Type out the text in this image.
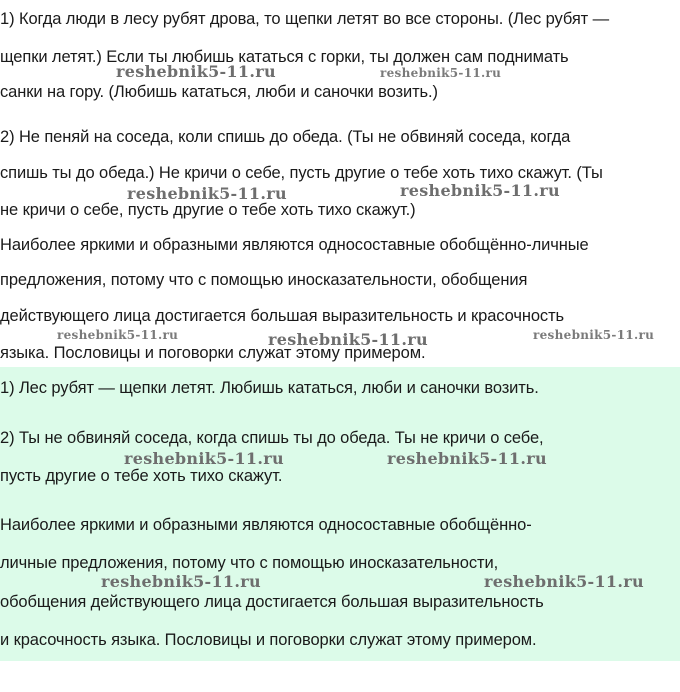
1) Когда люди в лесу рубят дрова, то щепки летят во все стороны. (Лес рубят —
щепки летят.) Если ты любишь кататься с горки, ты должен сам поднимать
санки на гору. (Любишь кататься, люби и саночки возить.)
2) Не пеняй на соседа, коли спишь до обеда. (Ты не обвиняй соседа, когда
спишь ты до обеда.) Не кричи о себе, пусть другие о тебе хоть тихо скажут. (Ты
не кричи о себе, пусть другие о тебе хоть тихо скажут.)
Наиболее яркими и образными являются односоставные обобщённо-личные
предложения, потому что с помощью иносказательности, обобщения
действующего лица достигается большая выразительность и красочность
языка. Пословицы и поговорки служат этому примером.
1) Лес рубят — щепки летят. Любишь кататься, люби и саночки возить.
2) Ты не обвиняй соседа, когда спишь ты до обеда. Ты не кричи о себе,
пусть другие о тебе хоть тихо скажут.
Наиболее яркими и образными являются односоставные обобщённо-
личные предложения, потому что с помощью иносказательности,
обобщения действующего лица достигается большая выразительность
и красочность языка. Пословицы и поговорки служат этому примером.
reshebnik5-11.ru	reshebnik5-11.ru
reshebnik5-11.ru	reshebnik5-11.ru
reshebnik5-11.ru	reshebnik5-11.ru	reshebnik5-11.ru
reshebnik5-11.ru	reshebnik5-11.ru
reshebnik5-11.ru	reshebnik5-11.ru
